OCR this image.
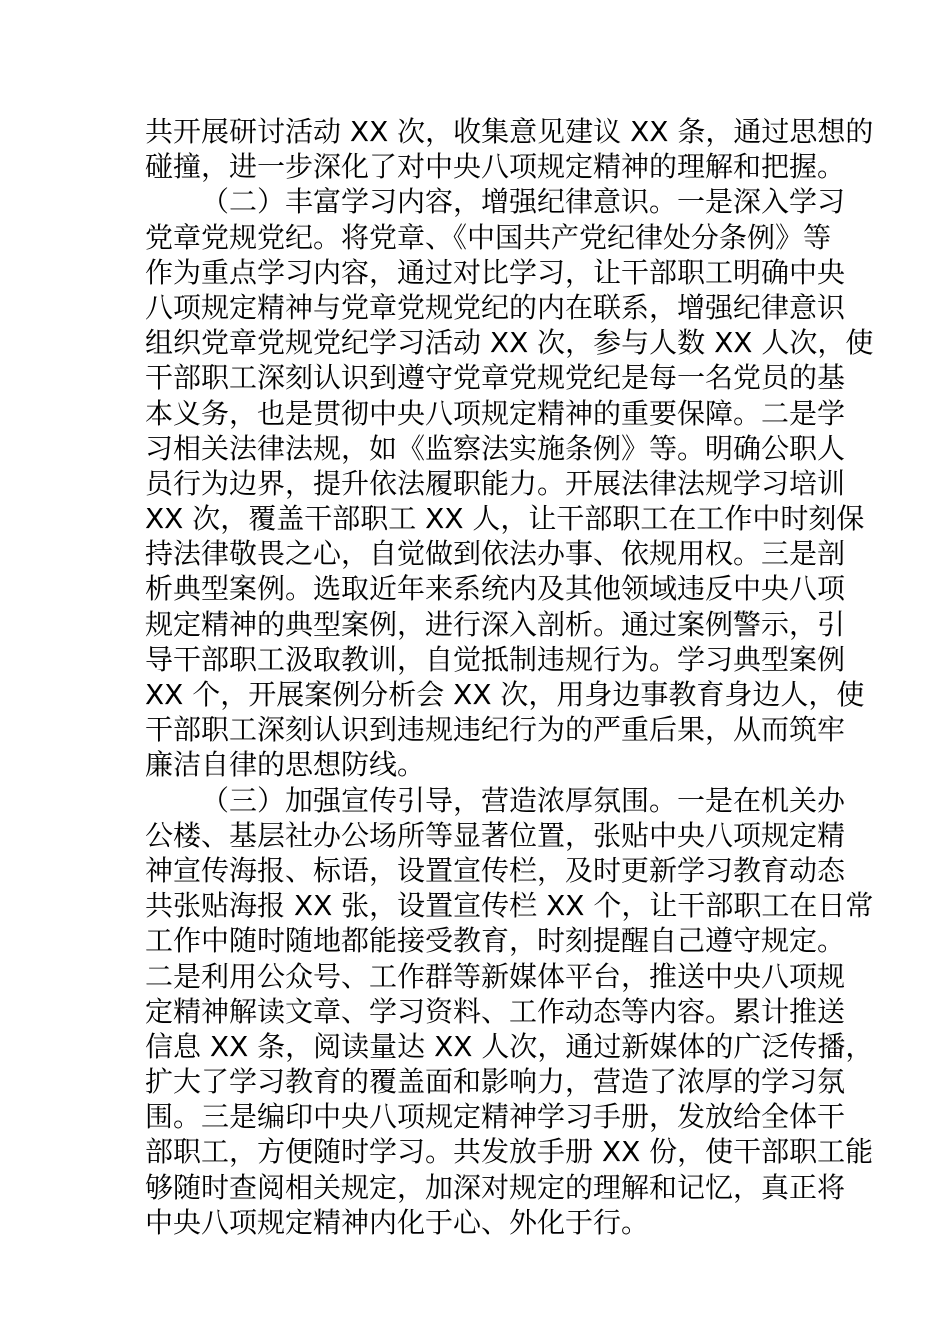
共开展研讨活动 XX 次，收集意见建议 XX 条，通过思想的
碰撞，进一步深化了对中央八项规定精神的理解和把握。
（二）丰富学习内容，增强纪律意识。一是深入学习
党章党规党纪。将党章、《中国共产党纪律处分条例》等
作为重点学习内容，通过对比学习，让干部职工明确中央
八项规定精神与党章党规党纪的内在联系，增强纪律意识
组织党章党规党纪学习活动 XX 次，参与人数 XX 人次，使
干部职工深刻认识到遵守党章党规党纪是每一名党员的基
本义务，也是贯彻中央八项规定精神的重要保障。二是学
习相关法律法规，如《监察法实施条例》等。明确公职人
员行为边界，提升依法履职能力。开展法律法规学习培训
XX 次，覆盖干部职工 XX 人，让干部职工在工作中时刻保
持法律敬畏之心，自觉做到依法办事、依规用权。三是剖
析典型案例。选取近年来系统内及其他领域违反中央八项
规定精神的典型案例，进行深入剖析。通过案例警示，引
导干部职工汲取教训，自觉抵制违规行为。学习典型案例
XX 个，开展案例分析会 XX 次，用身边事教育身边人，使
干部职工深刻认识到违规违纪行为的严重后果，从而筑牢
廉洁自律的思想防线。
（三）加强宣传引导，营造浓厚氛围。一是在机关办
公楼、基层社办公场所等显著位置，张贴中央八项规定精
神宣传海报、标语，设置宣传栏，及时更新学习教育动态
共张贴海报 XX 张，设置宣传栏 XX 个，让干部职工在日常
工作中随时随地都能接受教育，时刻提醒自己遵守规定。
二是利用公众号、工作群等新媒体平台，推送中央八项规
定精神解读文章、学习资料、工作动态等内容。累计推送
信息 XX 条，阅读量达 XX 人次，通过新媒体的广泛传播，
扩大了学习教育的覆盖面和影响力，营造了浓厚的学习氛
围。三是编印中央八项规定精神学习手册，发放给全体干
部职工，方便随时学习。共发放手册 XX 份，使干部职工能
够随时查阅相关规定，加深对规定的理解和记忆，真正将
中央八项规定精神内化于心、外化于行。
